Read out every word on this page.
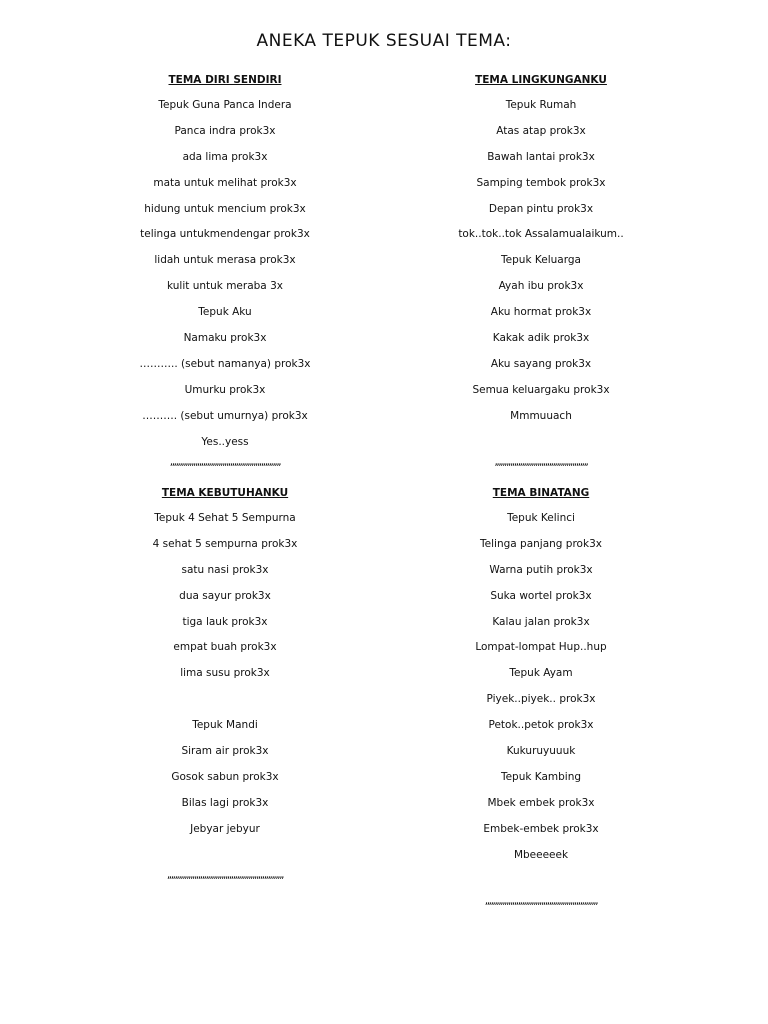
ANEKA TEPUK SESUAI TEMA:
TEMA DIRI SENDIRI
Tepuk Guna Panca Indera
Panca indra prok3x
ada lima prok3x
mata untuk melihat prok3x
hidung untuk mencium prok3x
telinga untukmendengar prok3x
lidah untuk merasa prok3x
kulit untuk meraba 3x
Tepuk Aku
Namaku prok3x
……….. (sebut namanya) prok3x
Umurku prok3x
………. (sebut umurnya) prok3x
Yes..yess
,,,,,,,,,,,,,,,,,,,,,,,,,,,,,,,,,,,,,,,,,,,,,,,,,,,,,,,,,
TEMA LINGKUNGANKU
Tepuk Rumah
Atas atap prok3x
Bawah lantai prok3x
Samping tembok prok3x
Depan pintu prok3x
tok..tok..tok Assalamualaikum..
Tepuk Keluarga
Ayah ibu prok3x
Aku hormat prok3x
Kakak adik prok3x
Aku sayang prok3x
Semua keluargaku prok3x
Mmmuuach
,,,,,,,,,,,,,,,,,,,,,,,,,,,,,,,,,,,,,,,,,,,,,,,,
TEMA KEBUTUHANKU
Tepuk 4 Sehat 5 Sempurna
4 sehat 5 sempurna prok3x
satu nasi prok3x
dua sayur prok3x
tiga lauk prok3x
empat buah prok3x
lima susu prok3x
Tepuk Mandi
Siram air prok3x
Gosok sabun prok3x
Bilas lagi prok3x
Jebyar jebyur
,,,,,,,,,,,,,,,,,,,,,,,,,,,,,,,,,,,,,,,,,,,,,,,,,,,,,,,,,,,,
TEMA BINATANG
Tepuk Kelinci
Telinga panjang prok3x
Warna putih prok3x
Suka wortel prok3x
Kalau jalan prok3x
Lompat-lompat Hup..hup
Tepuk Ayam
Piyek..piyek.. prok3x
Petok..petok prok3x
Kukuruyuuuk
Tepuk Kambing
Mbek embek prok3x
Embek-embek prok3x
Mbeeeeek
,,,,,,,,,,,,,,,,,,,,,,,,,,,,,,,,,,,,,,,,,,,,,,,,,,,,,,,,,,
